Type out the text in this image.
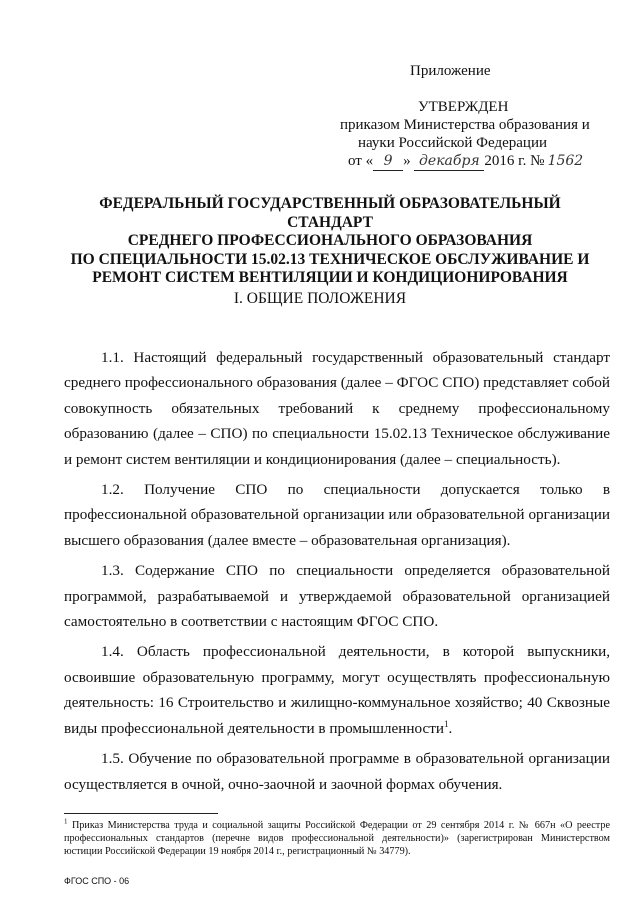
Приложение
УТВЕРЖДЕН
приказом Министерства образования и
науки Российской Федерации
от « 9 » декабря 2016 г. № 1562
ФЕДЕРАЛЬНЫЙ ГОСУДАРСТВЕННЫЙ ОБРАЗОВАТЕЛЬНЫЙ СТАНДАРТ
СРЕДНЕГО ПРОФЕССИОНАЛЬНОГО ОБРАЗОВАНИЯ
ПО СПЕЦИАЛЬНОСТИ 15.02.13 ТЕХНИЧЕСКОЕ ОБСЛУЖИВАНИЕ И
РЕМОНТ СИСТЕМ ВЕНТИЛЯЦИИ И КОНДИЦИОНИРОВАНИЯ
I. ОБЩИЕ ПОЛОЖЕНИЯ

1.1. Настоящий федеральный государственный образовательный стандарт среднего профессионального образования (далее – ФГОС СПО) представляет собой совокупность обязательных требований к среднему профессиональному образованию (далее – СПО) по специальности 15.02.13 Техническое обслуживание и ремонт систем вентиляции и кондиционирования (далее – специальность).

1.2. Получение СПО по специальности допускается только в профессиональной образовательной организации или образовательной организации высшего образования (далее вместе – образовательная организация).

1.3. Содержание СПО по специальности определяется образовательной программой, разрабатываемой и утверждаемой образовательной организацией самостоятельно в соответствии с настоящим ФГОС СПО.

1.4. Область профессиональной деятельности, в которой выпускники, освоившие образовательную программу, могут осуществлять профессиональную деятельность: 16 Строительство и жилищно-коммунальное хозяйство; 40 Сквозные виды профессиональной деятельности в промышленности$^1$.

1.5. Обучение по образовательной программе в образовательной организации осуществляется в очной, очно-заочной и заочной формах обучения.

$^1$ Приказ Министерства труда и социальной защиты Российской Федерации от 29 сентября 2014 г. № 667н «О реестре профессиональных стандартов (перечне видов профессиональной деятельности)» (зарегистрирован Министерством юстиции Российской Федерации 19 ноября 2014 г., регистрационный № 34779).
ФГОС СПО - 06
